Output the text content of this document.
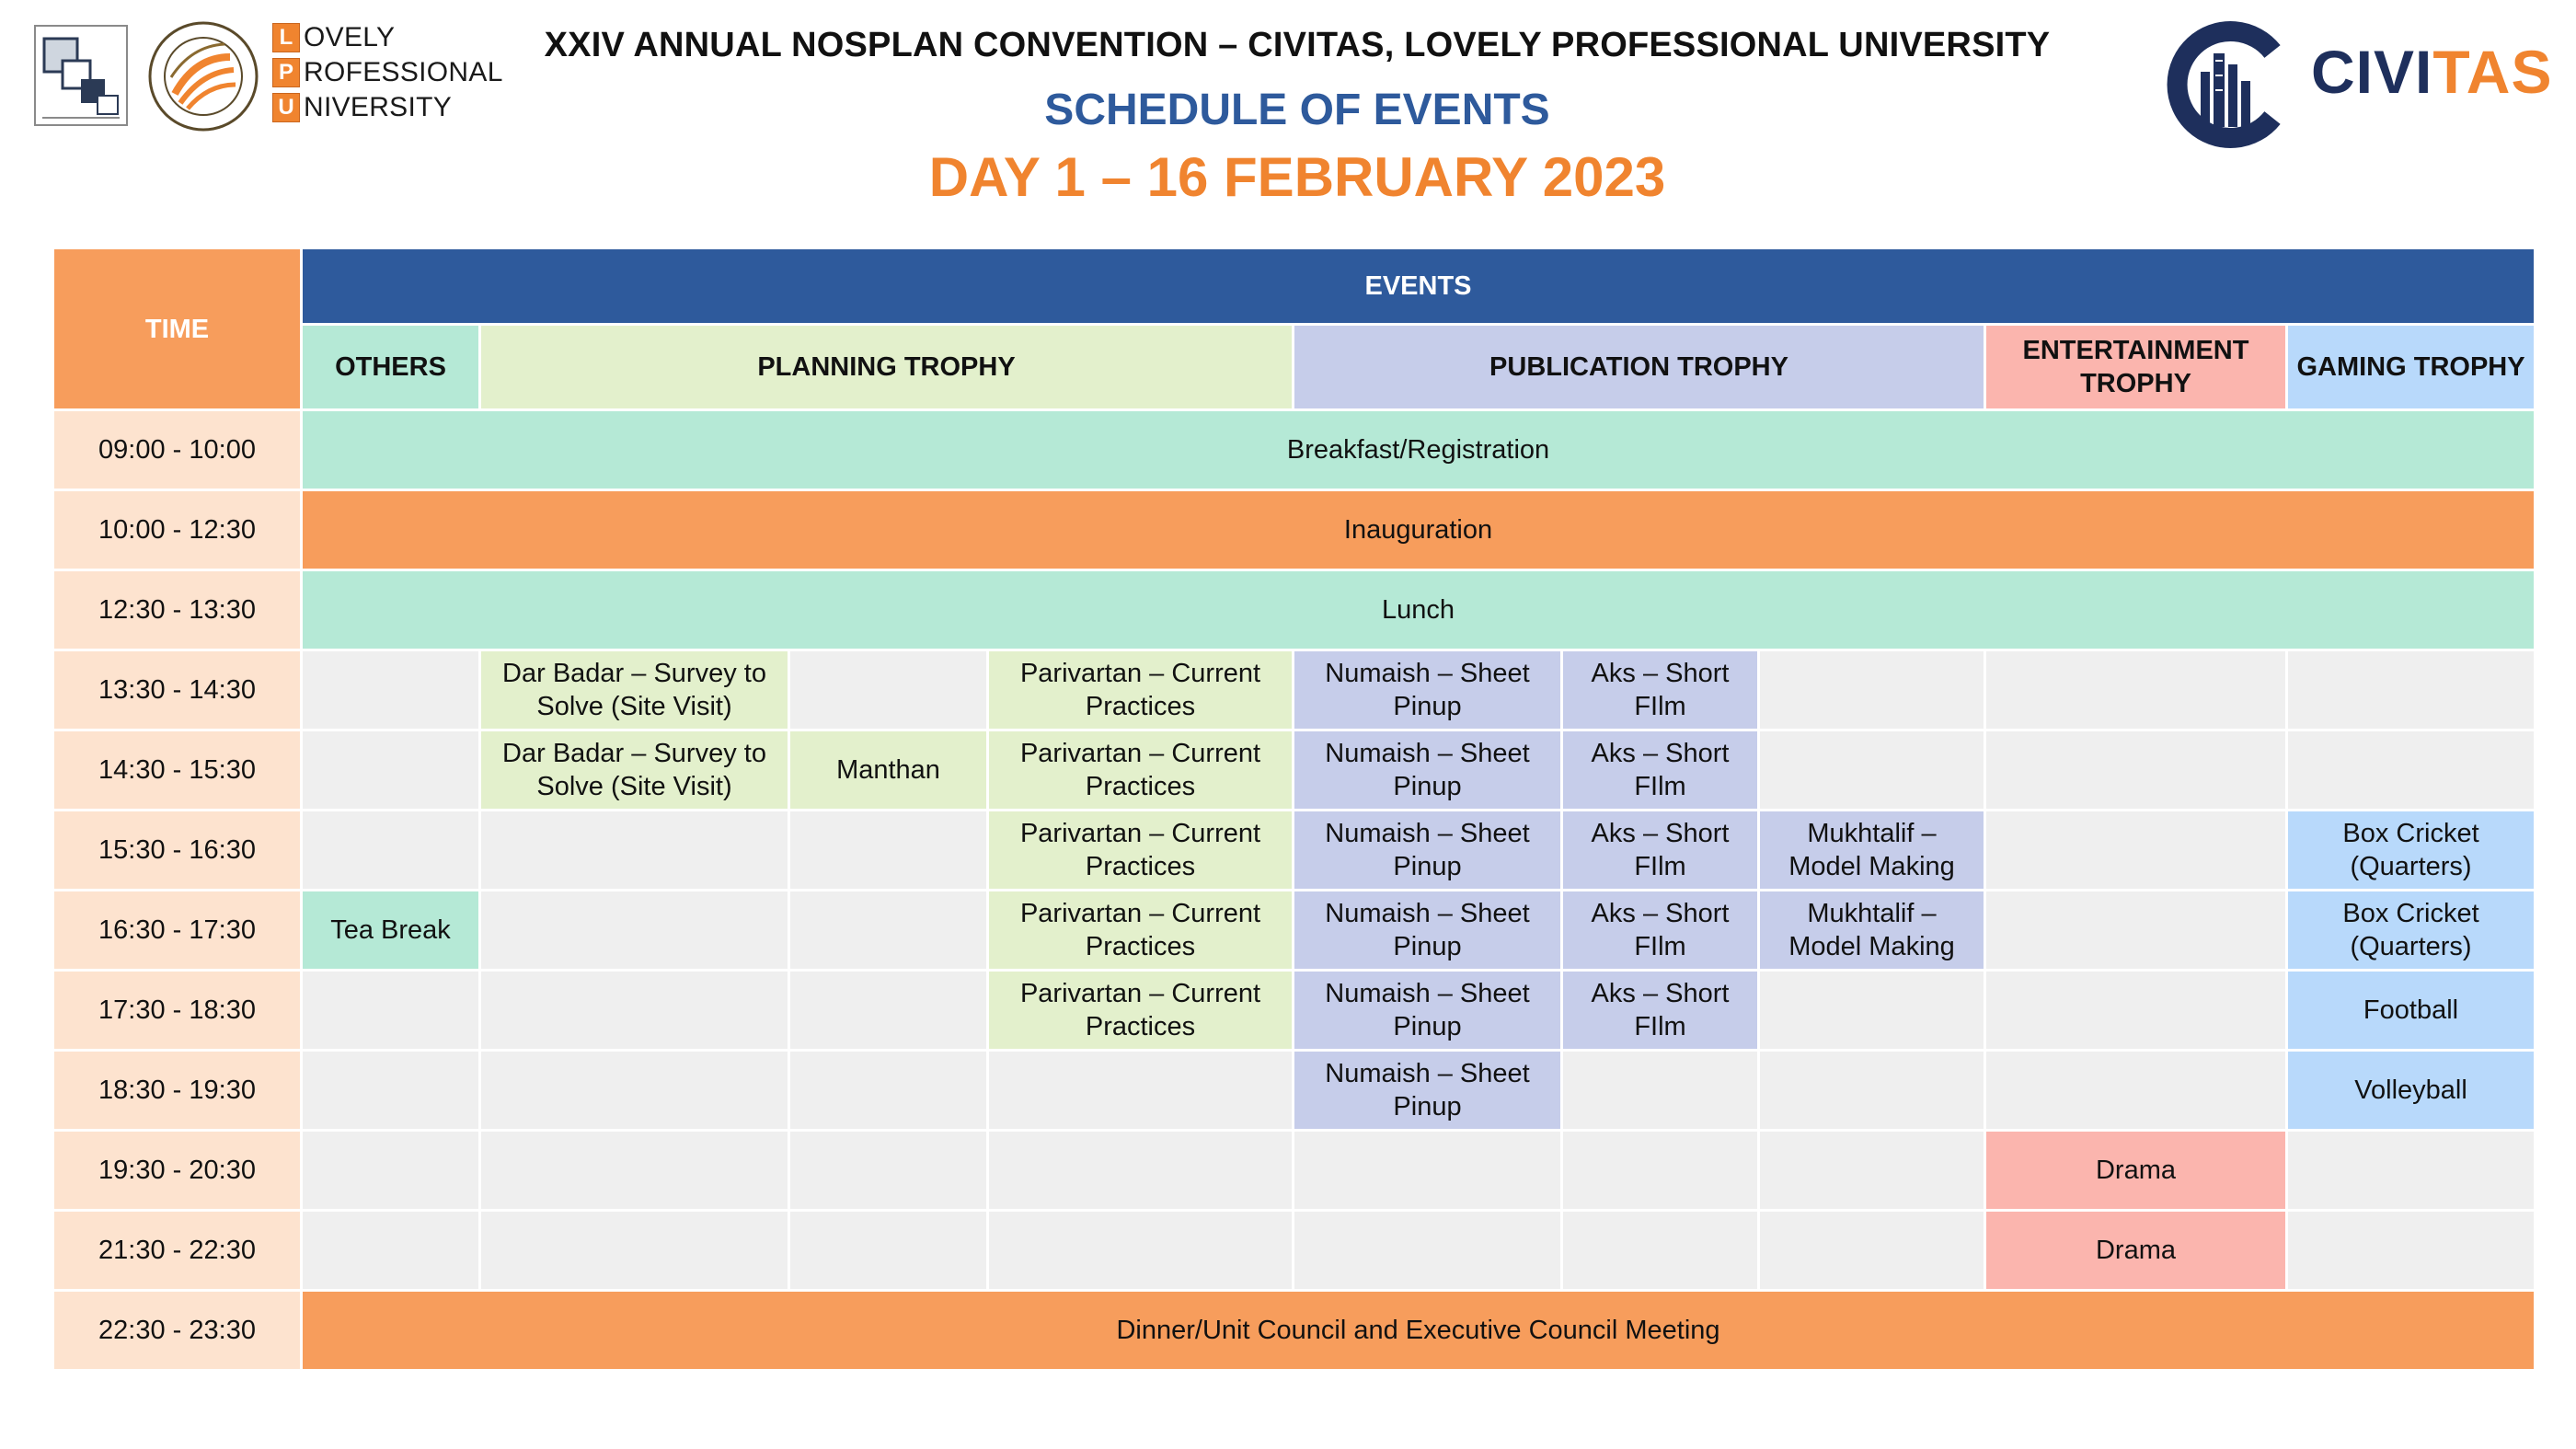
XXIV ANNUAL NOSPLAN CONVENTION – CIVITAS, LOVELY PROFESSIONAL UNIVERSITY
SCHEDULE OF EVENTS
DAY 1 – 16 FEBRUARY 2023
L OVELY
P ROFESSIONAL
U NIVERSITY
CIVITAS
TIME	EVENTS								
	OTHERS	PLANNING TROPHY			PUBLICATION TROPHY			ENTERTAINMENT TROPHY	GAMING TROPHY
09:00 - 10:00	Breakfast/Registration								
10:00 - 12:30	Inauguration								
12:30 - 13:30	Lunch								
13:30 - 14:30		Dar Badar – Survey to Solve (Site Visit)		Parivartan – Current Practices	Numaish – Sheet Pinup	Aks – Short FIlm			
14:30 - 15:30		Dar Badar – Survey to Solve (Site Visit)	Manthan	Parivartan – Current Practices	Numaish – Sheet Pinup	Aks – Short FIlm			
15:30 - 16:30				Parivartan – Current Practices	Numaish – Sheet Pinup	Aks – Short FIlm	Mukhtalif – Model Making		Box Cricket (Quarters)
16:30 - 17:30	Tea Break			Parivartan – Current Practices	Numaish – Sheet Pinup	Aks – Short FIlm	Mukhtalif – Model Making		Box Cricket (Quarters)
17:30 - 18:30				Parivartan – Current Practices	Numaish – Sheet Pinup	Aks – Short FIlm			Football
18:30 - 19:30					Numaish – Sheet Pinup				Volleyball
19:30 - 20:30								Drama	
21:30 - 22:30								Drama	
22:30 - 23:30	Dinner/Unit Council and Executive Council Meeting								
